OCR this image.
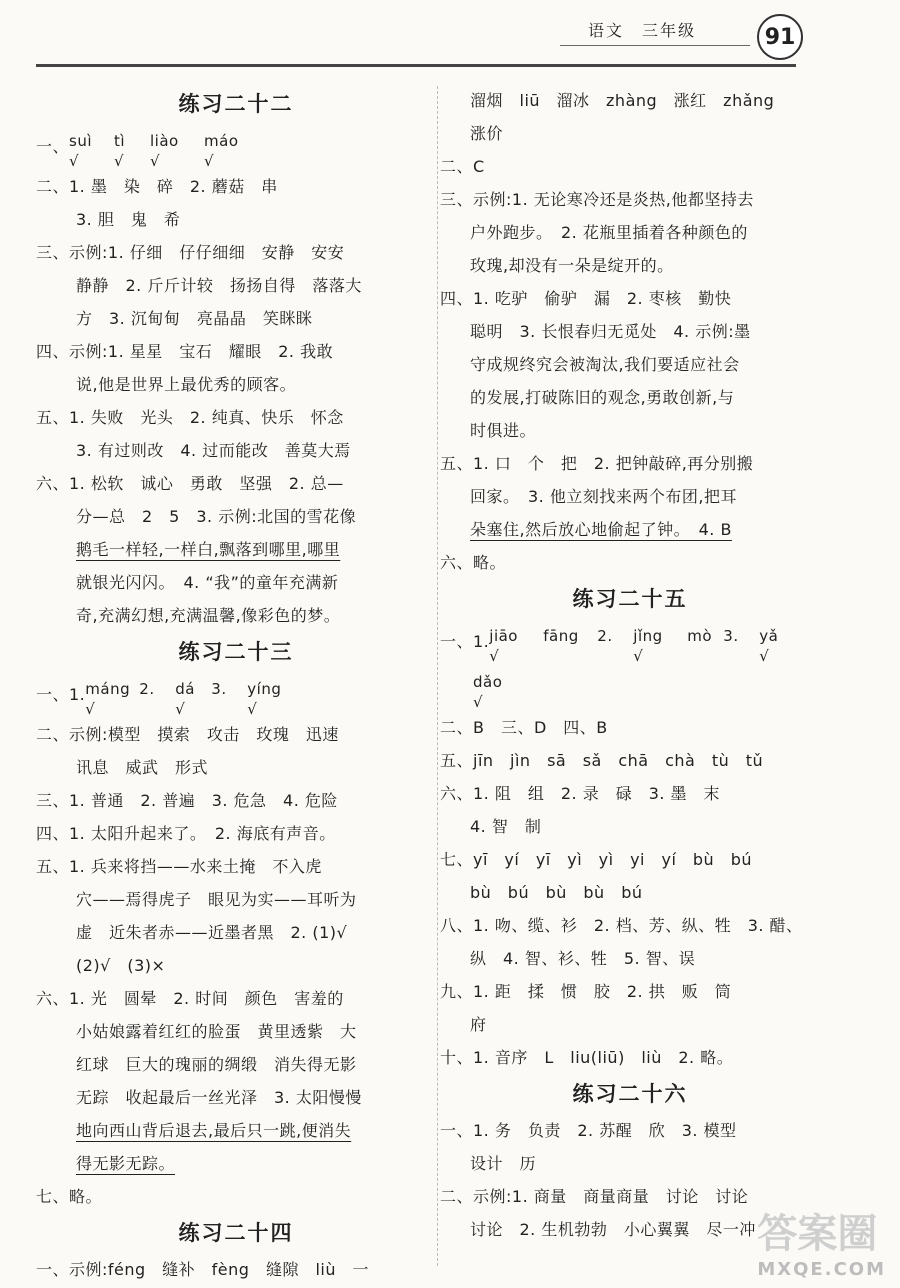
语文　三年级	91
练习二十二
一、 suì
√
tì
√
liào
√
máo
√
二、1. 墨　染　碎　2. 蘑菇　串
3. 胆　鬼　希
三、示例:1. 仔细　仔仔细细　安静　安安
静静　2. 斤斤计较　扬扬自得　落落大
方　3. 沉甸甸　亮晶晶　笑眯眯
四、示例:1. 星星　宝石　耀眼　2. 我敢
说,他是世界上最优秀的顾客。
五、1. 失败　光头　2. 纯真、快乐　怀念
3. 有过则改　4. 过而能改　善莫大焉
六、1. 松软　诚心　勇敢　坚强　2. 总—
分—总　2　5　3. 示例:北国的雪花像
鹅毛一样轻,一样白,飘落到哪里,哪里
就银光闪闪。　4. “我”的童年充满新
奇,充满幻想,充满温馨,像彩色的梦。
练习二十三
一、1. máng
√
2.
dá
√
3.
yíng
√
二、示例:模型　摸索　攻击　玫瑰　迅速
讯息　威武　形式
三、1. 普通　2. 普遍　3. 危急　4. 危险
四、1. 太阳升起来了。　2. 海底有声音。
五、1. 兵来将挡——水来土掩　不入虎
穴——焉得虎子　眼见为实——耳听为
虚　近朱者赤——近墨者黑　2. (1)√
(2)√　(3)×
六、1. 光　圆晕　2. 时间　颜色　害羞的
小姑娘露着红红的脸蛋　黄里透紫　大
红球　巨大的瑰丽的绸缎　消失得无影
无踪　收起最后一丝光泽　3. 太阳慢慢
地向西山背后退去,最后只一跳,便消失
得无影无踪。
七、略。
练习二十四
一、示例:féng　缝补　fèng　缝隙　liù　一
溜烟　liū　溜冰　zhàng　涨红　zhǎng
涨价
二、C
三、示例:1. 无论寒冷还是炎热,他都坚持去
户外跑步。　2. 花瓶里插着各种颜色的
玫瑰,却没有一朵是绽开的。
四、1. 吃驴　偷驴　漏　2. 枣核　勤快
聪明　3. 长恨春归无觅处　4. 示例:墨
守成规终究会被淘汰,我们要适应社会
的发展,打破陈旧的观念,勇敢创新,与
时俱进。
五、1. 口　个　把　2. 把钟敲碎,再分别搬
回家。　3. 他立刻找来两个布团,把耳
朵塞住,然后放心地偷起了钟。　4. B
六、略。
练习二十五
一、1. jiāo
√
fāng
2.
jǐng
√
mò
3.
yǎ
√

dǎo
√
二、B　三、D　四、B
五、jīn　jìn　sā　sǎ　chā　chà　tù　tǔ
六、1. 阻　组　2. 录　碌　3. 墨　末
4. 智　制
七、yī　yí　yī　yì　yì　yi　yí　bù　bú
bù　bú　bù　bù　bú
八、1. 吻、缆、衫　2. 档、芳、纵、牲　3. 醋、
纵　4. 智、衫、牲　5. 智、误
九、1. 距　揉　惯　胶　2. 拱　贩　筒
府
十、1. 音序　L　liu(liū)　liù　2. 略。
练习二十六
一、1. 务　负责　2. 苏醒　欣　3. 模型
设计　历
二、示例:1. 商量　商量商量　讨论　讨论
讨论　2. 生机勃勃　小心翼翼　尽一冲 答案圈
MXQE.COM
